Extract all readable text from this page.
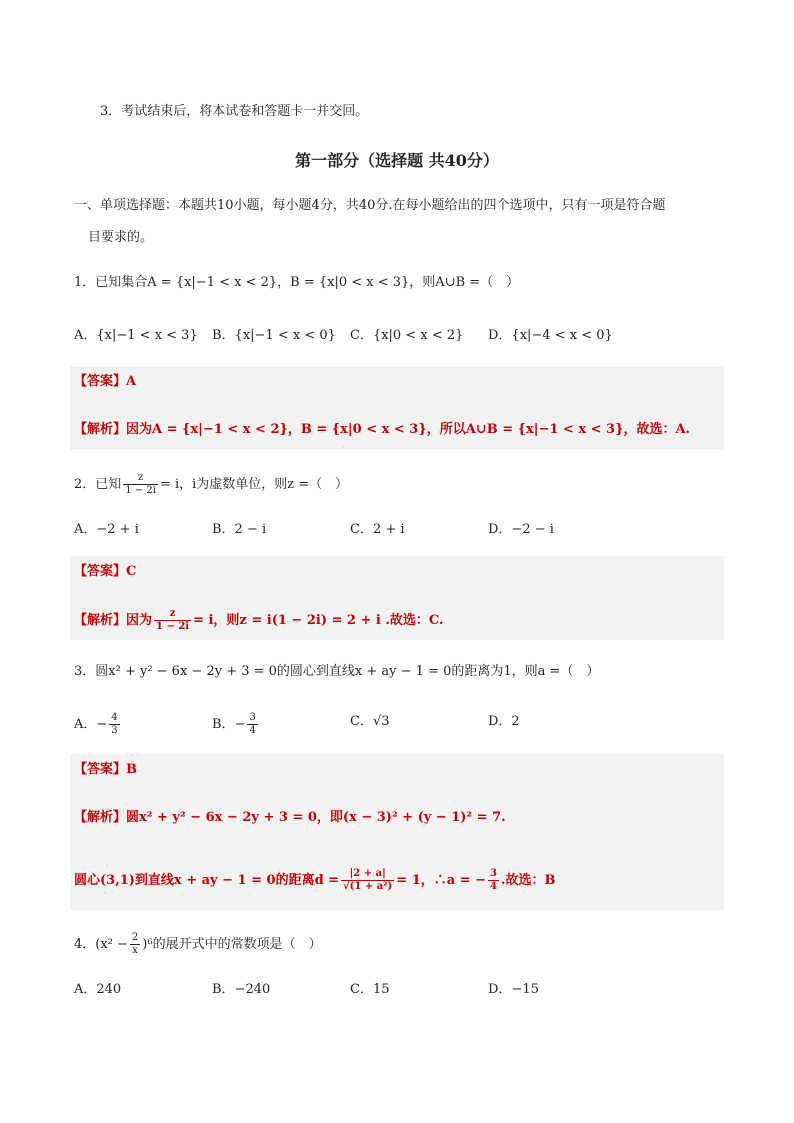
3．考试结束后，将本试卷和答题卡一并交回。
第一部分（选择题 共40分）
一、单项选择题：本题共10小题，每小题4分，共40分.在每小题给出的四个选项中，只有一项是符合题
目要求的。
1．已知集合A = {x|−1 < x < 2}，B = {x|0 < x < 3}，则A∪B =（　）
A．{x|−1 < x < 3} B．{x|−1 < x < 0} C．{x|0 < x < 2} D．{x|−4 < x < 0}
【答案】A
【解析】因为A = {x|−1 < x < 2}，B = {x|0 < x < 3}，所以A∪B = {x|−1 < x < 3}，故选：A.
2．已知 $\frac{z}{1 - 2i} = i$，i为虚数单位，则z =（　）
A．−2 + i	B．2 − i	C．2 + i	D．−2 − i
【答案】C
【解析】因为 $\frac{z}{1 - 2i} = i$，则z = i(1 − 2i) = 2 + i .故选：C.
3．圆x² + y² − 6x − 2y + 3 = 0的圆心到直线x + ay − 1 = 0的距离为1，则a =（　）
A．− $\frac{4}{3}$	B．− $\frac{3}{4}$	C．√3	D．2
【答案】B
【解析】圆x² + y² − 6x − 2y + 3 = 0，即(x − 3)² + (y − 1)² = 7.
圆心(3,1)到直线x + ay − 1 = 0的距离$d = \frac{|2 + a|}{\text{√(1 + a²)}} = 1$，∴a = − $\frac{3}{4}$ .故选：B
4．$(x^2 - \frac{2}{x} )^6$的展开式中的常数项是（　）
A．240	B．−240	C．15	D．−15
